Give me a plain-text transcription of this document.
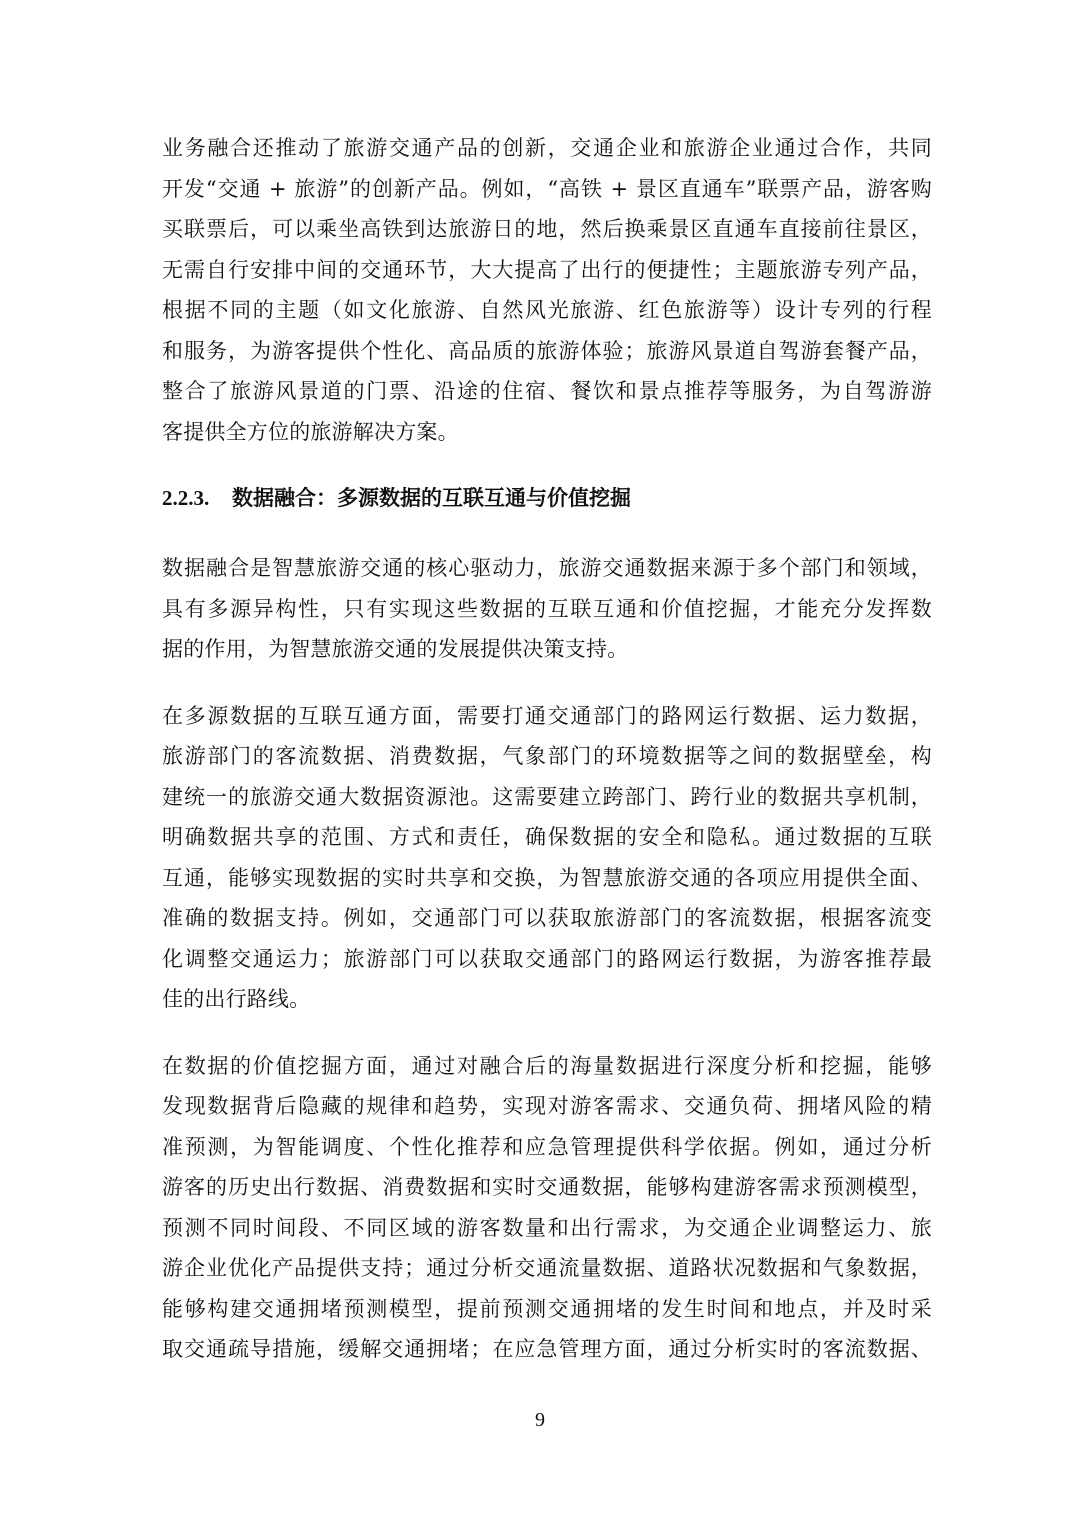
业务融合还推动了旅游交通产品的创新，交通企业和旅游企业通过合作，共同
开发“交通 + 旅游”的创新产品。例如，“高铁 + 景区直通车”联票产品，游客购
买联票后，可以乘坐高铁到达旅游日的地，然后换乘景区直通车直接前往景区，
无需自行安排中间的交通环节，大大提高了出行的便捷性；主题旅游专列产品，
根据不同的主题（如文化旅游、自然风光旅游、红色旅游等）设计专列的行程
和服务，为游客提供个性化、高品质的旅游体验；旅游风景道自驾游套餐产品，
整合了旅游风景道的门票、沿途的住宿、餐饮和景点推荐等服务，为自驾游游
客提供全方位的旅游解决方案。

2.2.3. 数据融合：多源数据的互联互通与价值挖掘

数据融合是智慧旅游交通的核心驱动力，旅游交通数据来源于多个部门和领域，
具有多源异构性，只有实现这些数据的互联互通和价值挖掘，才能充分发挥数
据的作用，为智慧旅游交通的发展提供决策支持。

在多源数据的互联互通方面，需要打通交通部门的路网运行数据、运力数据，
旅游部门的客流数据、消费数据，气象部门的环境数据等之间的数据壁垒，构
建统一的旅游交通大数据资源池。这需要建立跨部门、跨行业的数据共享机制，
明确数据共享的范围、方式和责任，确保数据的安全和隐私。通过数据的互联
互通，能够实现数据的实时共享和交换，为智慧旅游交通的各项应用提供全面、
准确的数据支持。例如，交通部门可以获取旅游部门的客流数据，根据客流变
化调整交通运力；旅游部门可以获取交通部门的路网运行数据，为游客推荐最
佳的出行路线。

在数据的价值挖掘方面，通过对融合后的海量数据进行深度分析和挖掘，能够
发现数据背后隐藏的规律和趋势，实现对游客需求、交通负荷、拥堵风险的精
准预测，为智能调度、个性化推荐和应急管理提供科学依据。例如，通过分析
游客的历史出行数据、消费数据和实时交通数据，能够构建游客需求预测模型，
预测不同时间段、不同区域的游客数量和出行需求，为交通企业调整运力、旅
游企业优化产品提供支持；通过分析交通流量数据、道路状况数据和气象数据，
能够构建交通拥堵预测模型，提前预测交通拥堵的发生时间和地点，并及时采
取交通疏导措施，缓解交通拥堵；在应急管理方面，通过分析实时的客流数据、

9
